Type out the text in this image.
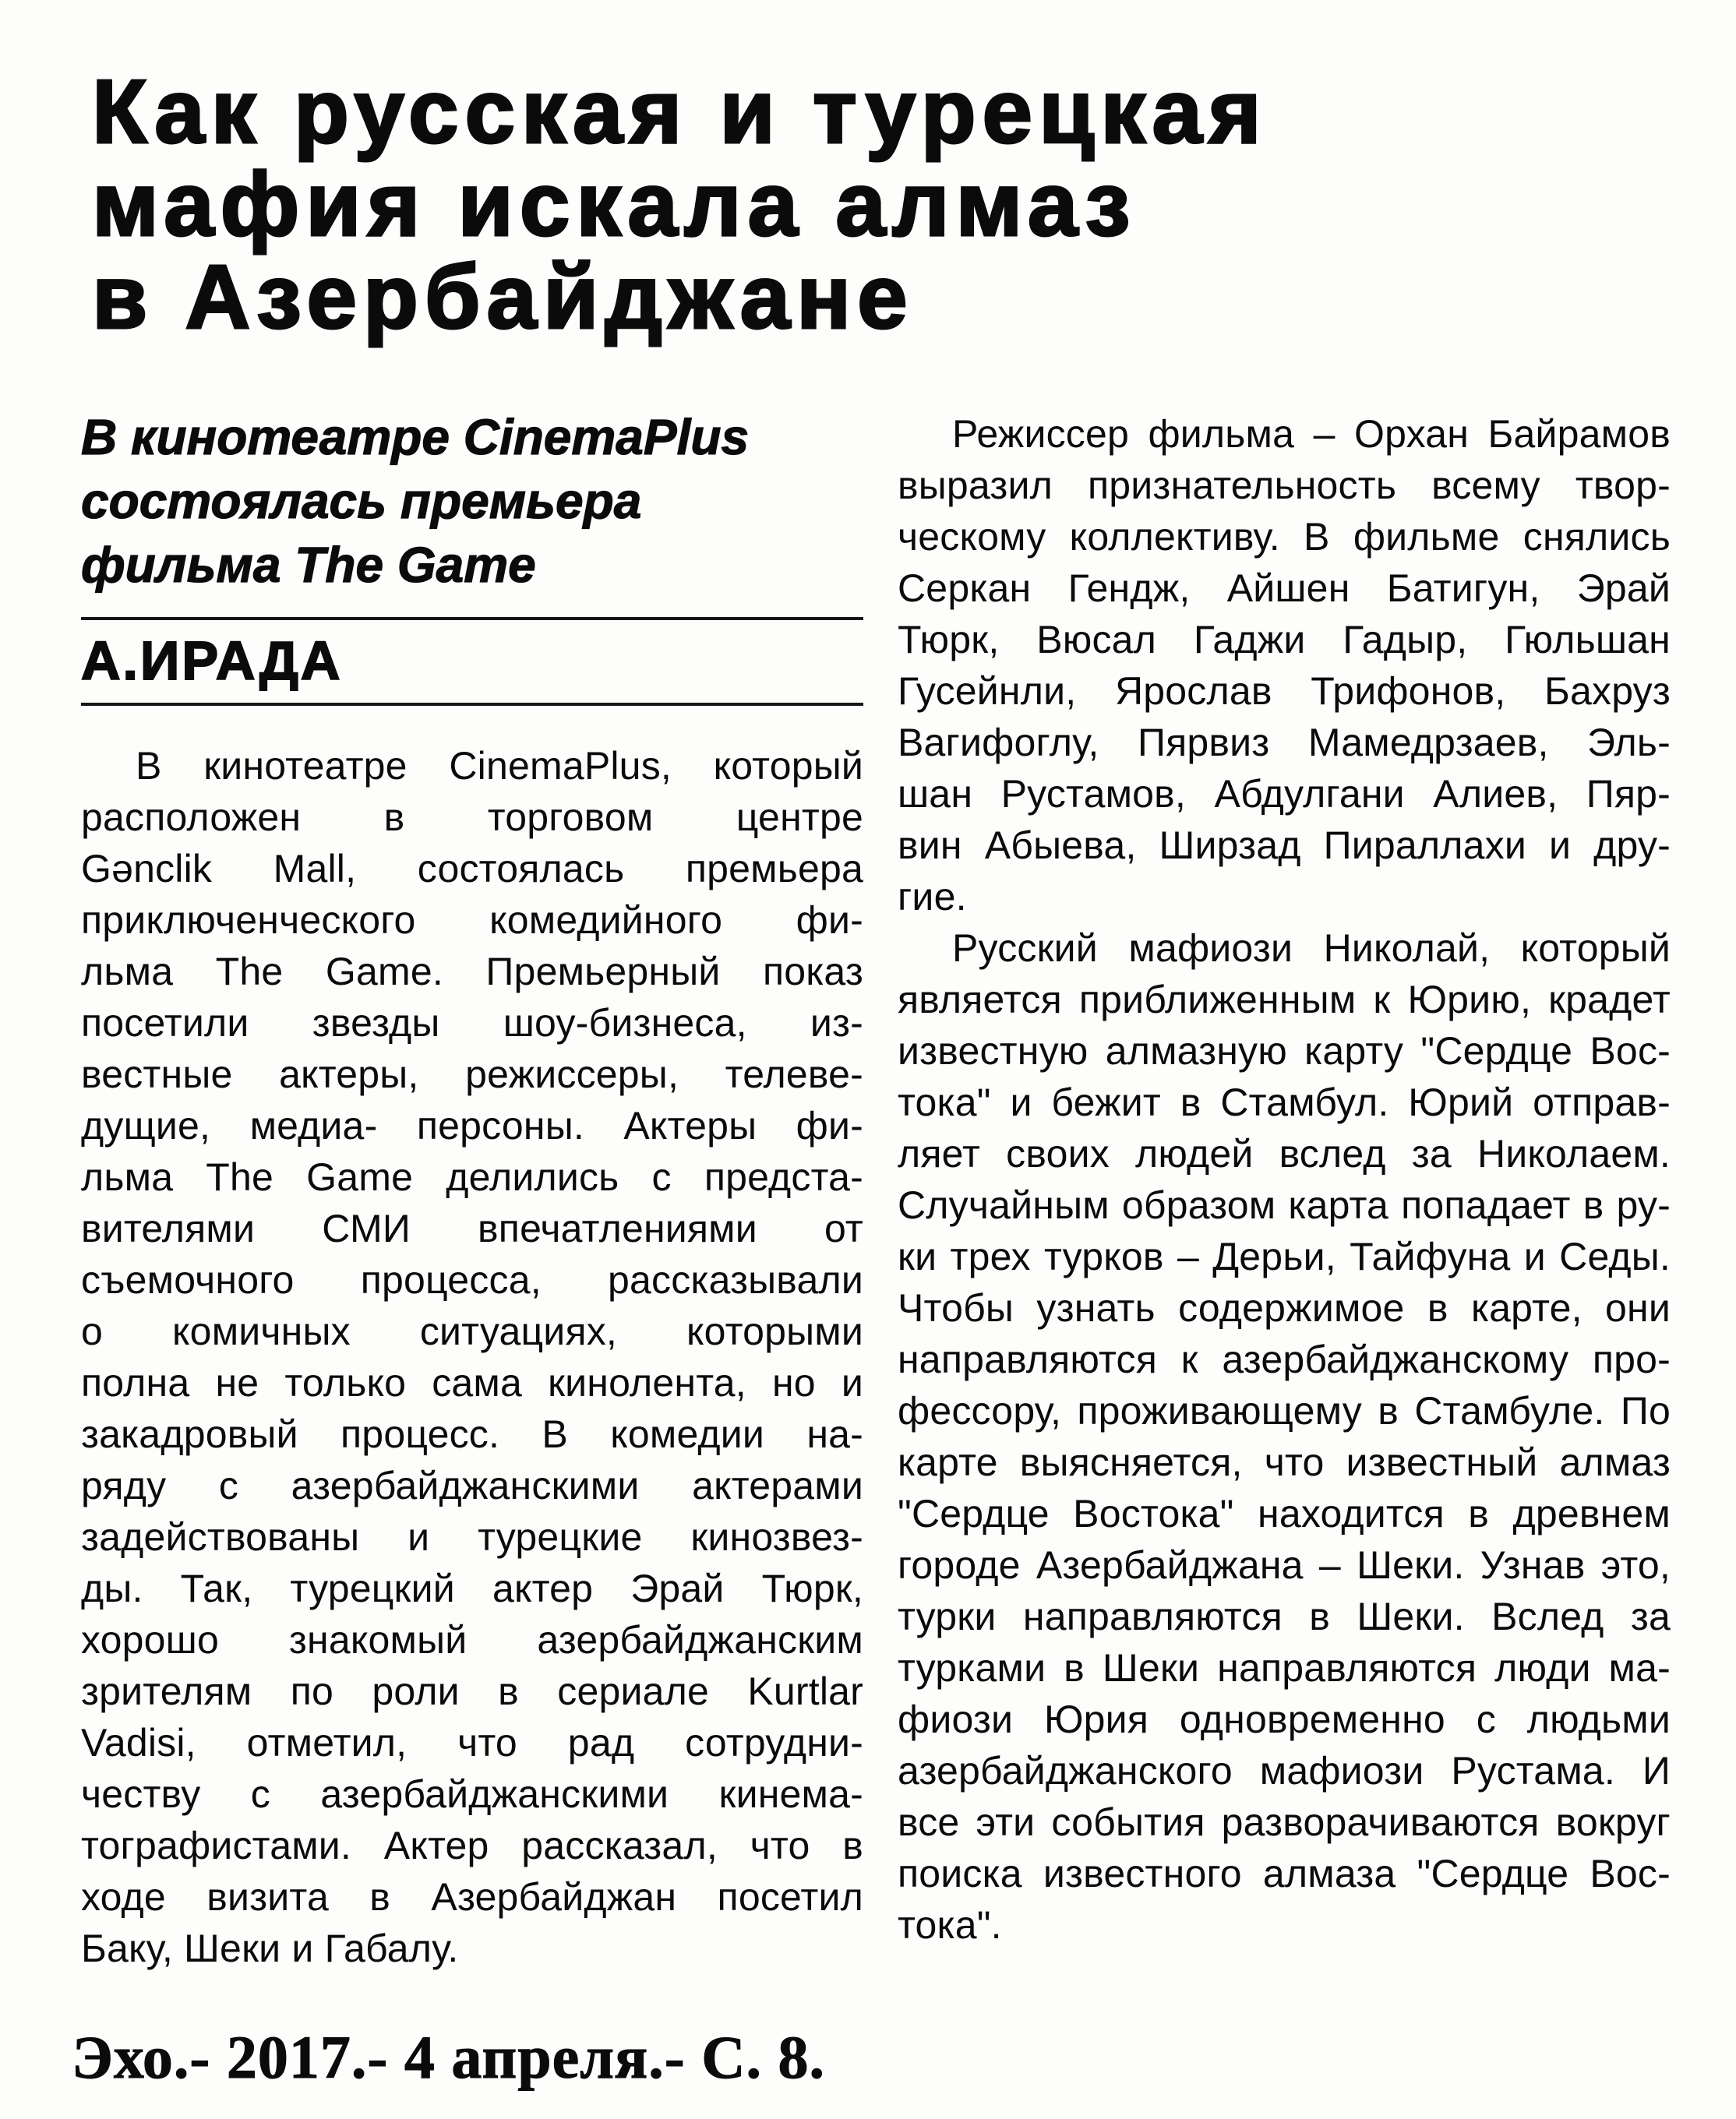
Как русская и турецкая
мафия искала алмаз
в Азербайджане
В кинотеатре CinemaPlus
состоялась премьера
фильма The Game
А.ИРАДА
В кинотеатре CinemaPlus, который
расположен в торговом центре
Gənclik Mall, состоялась премьера
приключенческого комедийного фи-
льма The Game. Премьерный показ
посетили звезды шоу-бизнеса, из-
вестные актеры, режиссеры, телеве-
дущие, медиа- персоны. Актеры фи-
льма The Game делились с предста-
вителями СМИ впечатлениями от
съемочного процесса, рассказывали
о комичных ситуациях, которыми
полна не только сама кинолента, но и
закадровый процесс. В комедии на-
ряду с азербайджанскими актерами
задействованы и турецкие кинозвез-
ды. Так, турецкий актер Эрай Тюрк,
хорошо знакомый азербайджанским
зрителям по роли в сериале Kurtlar
Vadisi, отметил, что рад сотрудни-
честву с азербайджанскими кинема-
тографистами. Актер рассказал, что в
ходе визита в Азербайджан посетил
Баку, Шеки и Габалу.
Режиссер фильма – Орхан Байрамов
выразил признательность всему твор-
ческому коллективу. В фильме снялись
Серкан Гендж, Айшен Батигун, Эрай
Тюрк, Вюсал Гаджи Гадыр, Гюльшан
Гусейнли, Ярослав Трифонов, Бахруз
Вагифоглу, Пярвиз Мамедрзаев, Эль-
шан Рустамов, Абдулгани Алиев, Пяр-
вин Абыева, Ширзад Пираллахи и дру-
гие.
Русский мафиози Николай, который
является приближенным к Юрию, крадет
известную алмазную карту "Сердце Вос-
тока" и бежит в Стамбул. Юрий отправ-
ляет своих людей вслед за Николаем.
Случайным образом карта попадает в ру-
ки трех турков – Дерьи, Тайфуна и Седы.
Чтобы узнать содержимое в карте, они
направляются к азербайджанскому про-
фессору, проживающему в Стамбуле. По
карте выясняется, что известный алмаз
"Сердце Востока" находится в древнем
городе Азербайджана – Шеки. Узнав это,
турки направляются в Шеки. Вслед за
турками в Шеки направляются люди ма-
фиози Юрия одновременно с людьми
азербайджанского мафиози Рустама. И
все эти события разворачиваются вокруг
поиска известного алмаза "Сердце Вос-
тока".
Эхо.- 2017.- 4 апреля.- С. 8.
